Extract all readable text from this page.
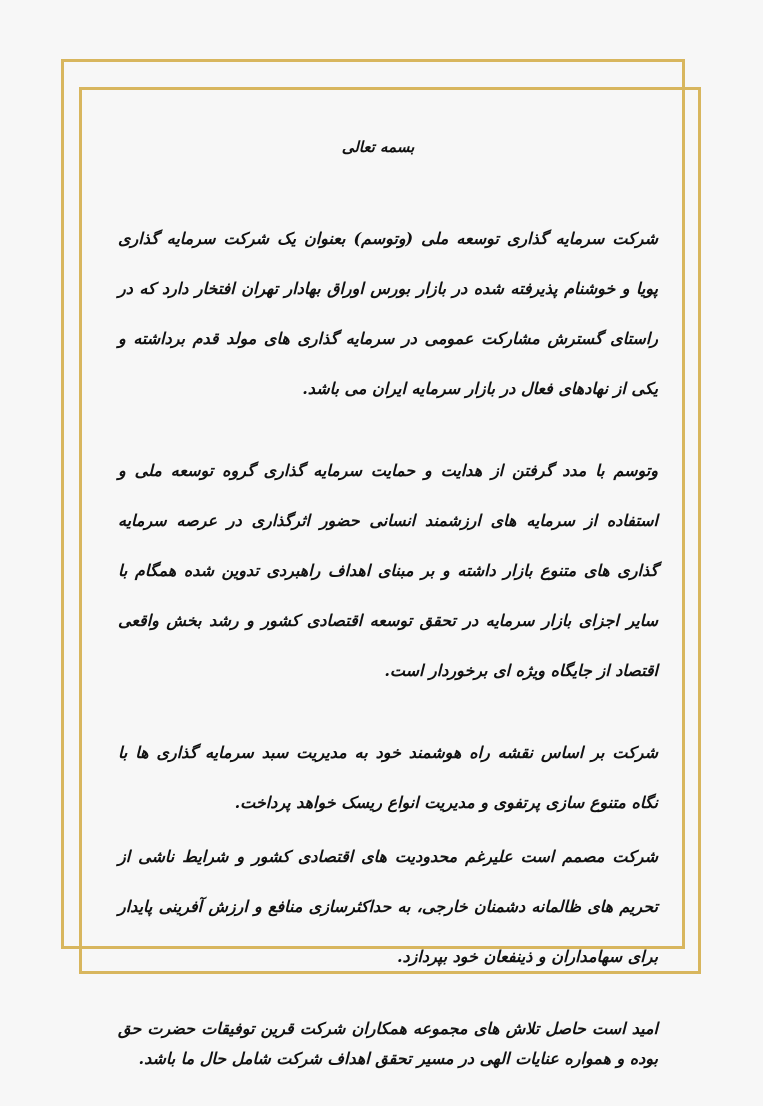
بسمه تعالی

شرکت سرمایه گذاری توسعه ملی (وتوسم) بعنوان یک شرکت سرمایه گذاری پویا و خوشنام پذیرفته شده در بازار بورس اوراق بهادار تهران افتخار دارد که در راستای گسترش مشارکت عمومی در سرمایه گذاری های مولد قدم برداشته و یکی از نهادهای فعال در بازار سرمایه ایران می باشد.

وتوسم با مدد گرفتن از هدایت و حمایت سرمایه گذاری گروه توسعه ملی و استفاده از سرمایه های ارزشمند انسانی حضور اثرگذاری در عرصه سرمایه گذاری های متنوع بازار داشته و بر مبنای اهداف راهبردی تدوین شده همگام با سایر اجزای بازار سرمایه در تحقق توسعه اقتصادی کشور و رشد بخش واقعی اقتصاد از جایگاه ویژه ای برخوردار است.

شرکت بر اساس نقشه راه هوشمند خود به مدیریت سبد سرمایه گذاری ها با نگاه متنوع سازی پرتفوی و مدیریت انواع ریسک خواهد پرداخت.

شرکت مصمم است علیرغم محدودیت های اقتصادی کشور و شرایط ناشی از تحریم های ظالمانه دشمنان خارجی، به حداکثرسازی منافع و ارزش آفرینی پایدار برای سهامداران و ذینفعان خود بپردازد.

امید است حاصل تلاش های مجموعه همکاران شرکت قرین توفیقات حضرت حق بوده و همواره عنایات الهی در مسیر تحقق اهداف شرکت شامل حال ما باشد.
